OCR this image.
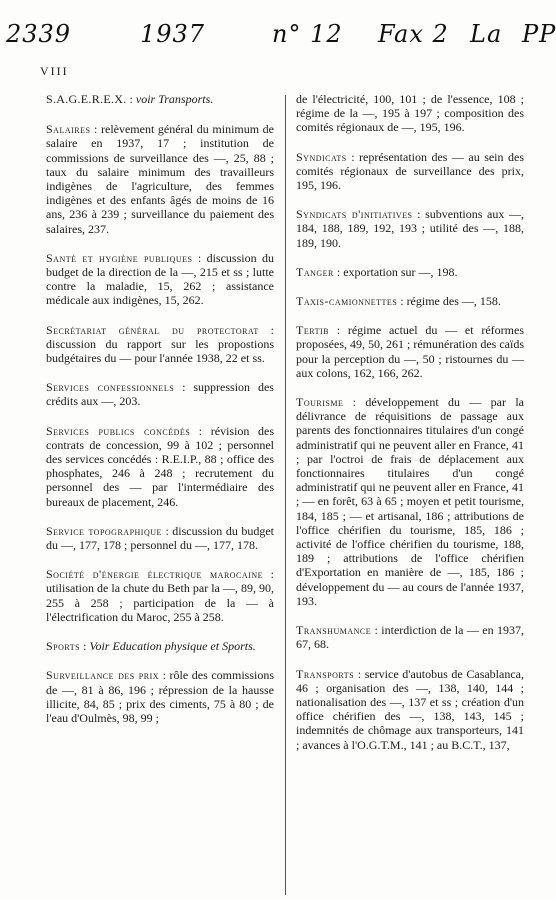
2339	1937	n° 12 Fax 2 La PP
VIII

S.A.G.E.R.E.X. : voir Transports.

Salaires : relèvement général du minimum de salaire en 1937, 17 ; institution de commissions de surveillance des —, 25, 88 ; taux du salaire minimum des travailleurs indigènes de l'agriculture, des femmes indigènes et des enfants âgés de moins de 16 ans, 236 à 239 ; surveillance du paiement des salaires, 237.

Santé et hygiène publiques : discussion du budget de la direction de la —, 215 et ss ; lutte contre la maladie, 15, 262 ; assistance médicale aux indigènes, 15, 262.

Secrétariat général du protectorat : discussion du rapport sur les propostions budgétaires du — pour l'année 1938, 22 et ss.

Services confessionnels : suppression des crédits aux —, 203.

Services publics concédés : révision des contrats de concession, 99 à 102 ; personnel des services concédés : R.E.I.P., 88 ; office des phosphates, 246 à 248 ; recrutement du personnel des — par l'intermédiaire des bureaux de placement, 246.

Service topographique : discussion du budget du —, 177, 178 ; personnel du —, 177, 178.

Société d'énergie électrique marocaine : utilisation de la chute du Beth par la —, 89, 90, 255 à 258 ; participation de la — à l'électrification du Maroc, 255 à 258.

Sports : Voir Education physique et Sports.

Surveillance des prix : rôle des commissions de —, 81 à 86, 196 ; répression de la hausse illicite, 84, 85 ; prix des ciments, 75 à 80 ; de l'eau d'Oulmès, 98, 99 ;

de l'électricité, 100, 101 ; de l'essence, 108 ; régime de la —, 195 à 197 ; composition des comités régionaux de —, 195, 196.

Syndicats : représentation des — au sein des comités régionaux de surveillance des prix, 195, 196.

Syndicats d'initiatives : subventions aux —, 184, 188, 189, 192, 193 ; utilité des —, 188, 189, 190.

Tanger : exportation sur —, 198.

Taxis-camionnettes : régime des —, 158.

Tertib : régime actuel du — et réformes proposées, 49, 50, 261 ; rémunération des caïds pour la perception du —, 50 ; ristournes du — aux colons, 162, 166, 262.

Tourisme : développement du — par la délivrance de réquisitions de passage aux parents des fonctionnaires titulaires d'un congé administratif qui ne peuvent aller en France, 41 ; par l'octroi de frais de déplacement aux fonctionnaires titulaires d'un congé administratif qui ne peuvent aller en France, 41 ; — en forêt, 63 à 65 ; moyen et petit tourisme, 184, 185 ; — et artisanal, 186 ; attributions de l'office chérifien du tourisme, 185, 186 ; activité de l'office chérifien du tourisme, 188, 189 ; attributions de l'office chérifien d'Exportation en manière de —, 185, 186 ; développement du — au cours de l'année 1937, 193.

Transhumance : interdiction de la — en 1937, 67, 68.

Transports : service d'autobus de Casablanca, 46 ; organisation des —, 138, 140, 144 ; nationalisation des —, 137 et ss ; création d'un office chérifien des —, 138, 143, 145 ; indemnités de chômage aux transporteurs, 141 ; avances à l'O.G.T.M., 141 ; au B.C.T., 137,
